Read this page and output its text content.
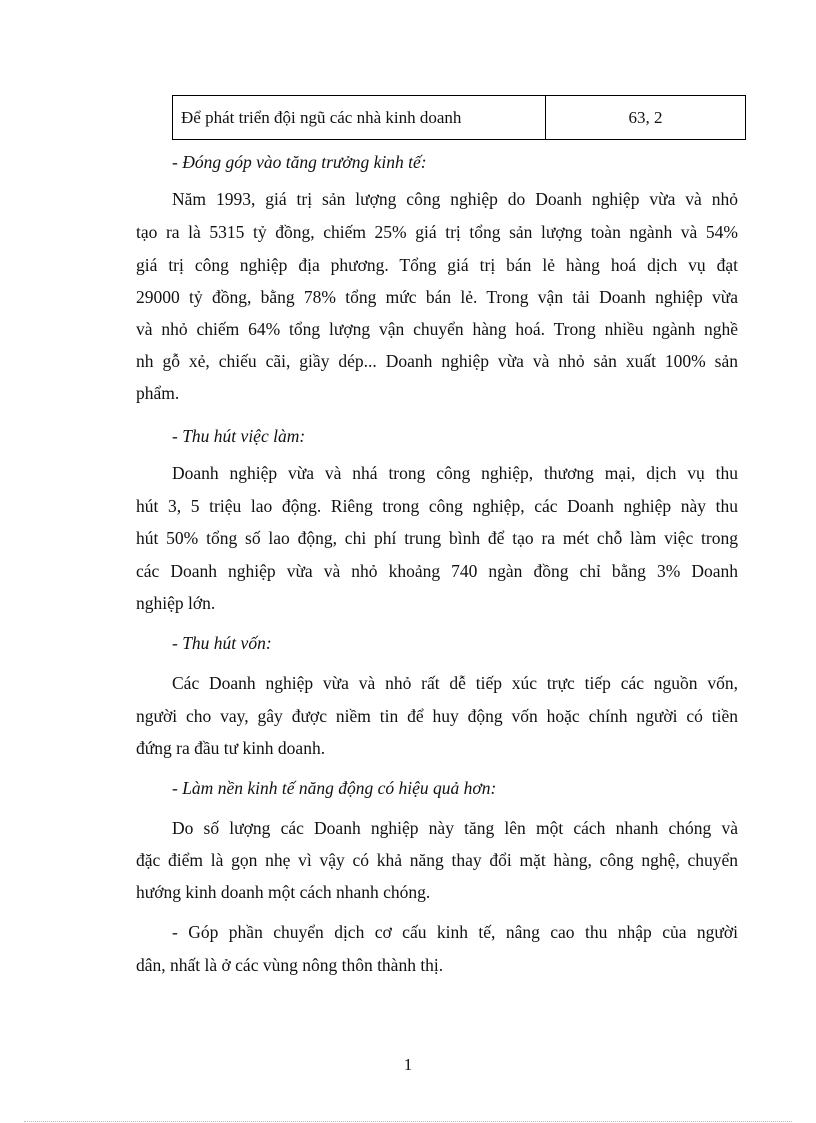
Để phát triển đội ngũ các nhà kinh doanh	63, 2
- Đóng góp vào tăng trưởng kinh tế:
Năm 1993, giá trị sản lượng công nghiệp do Doanh nghiệp vừa và nhỏ
tạo ra là 5315 tỷ đồng, chiếm 25% giá trị tổng sản lượng toàn ngành và 54%
giá trị công nghiệp địa phương. Tổng giá trị bán lẻ hàng hoá dịch vụ đạt
29000 tỷ đồng, bằng 78% tổng mức bán lẻ. Trong vận tải Doanh nghiệp vừa
và nhỏ chiếm 64% tổng lượng vận chuyển hàng hoá. Trong nhiều ngành nghề
nh gỗ xẻ, chiếu cãi, giầy dép... Doanh nghiệp vừa và nhỏ sản xuất 100% sản
phẩm.
- Thu hút việc làm:
Doanh nghiệp vừa và nhá trong công nghiệp, thương mại, dịch vụ thu
hút 3, 5 triệu lao động. Riêng trong công nghiệp, các Doanh nghiệp này thu
hút 50% tổng số lao động, chi phí trung bình để tạo ra mét chỗ làm việc trong
các Doanh nghiệp vừa và nhỏ khoảng 740 ngàn đồng chỉ bằng 3% Doanh
nghiệp lớn.
- Thu hút vốn:
Các Doanh nghiệp vừa và nhỏ rất dễ tiếp xúc trực tiếp các nguồn vốn,
người cho vay, gây được niềm tin để huy động vốn hoặc chính người có tiền
đứng ra đầu tư kinh doanh.
- Làm nền kinh tế năng động có hiệu quả hơn:
Do số lượng các Doanh nghiệp này tăng lên một cách nhanh chóng và
đặc điểm là gọn nhẹ vì vậy có khả năng thay đổi mặt hàng, công nghệ, chuyển
hướng kinh doanh một cách nhanh chóng.
- Góp phần chuyển dịch cơ cấu kinh tế, nâng cao thu nhập của người
dân, nhất là ở các vùng nông thôn thành thị.
1
